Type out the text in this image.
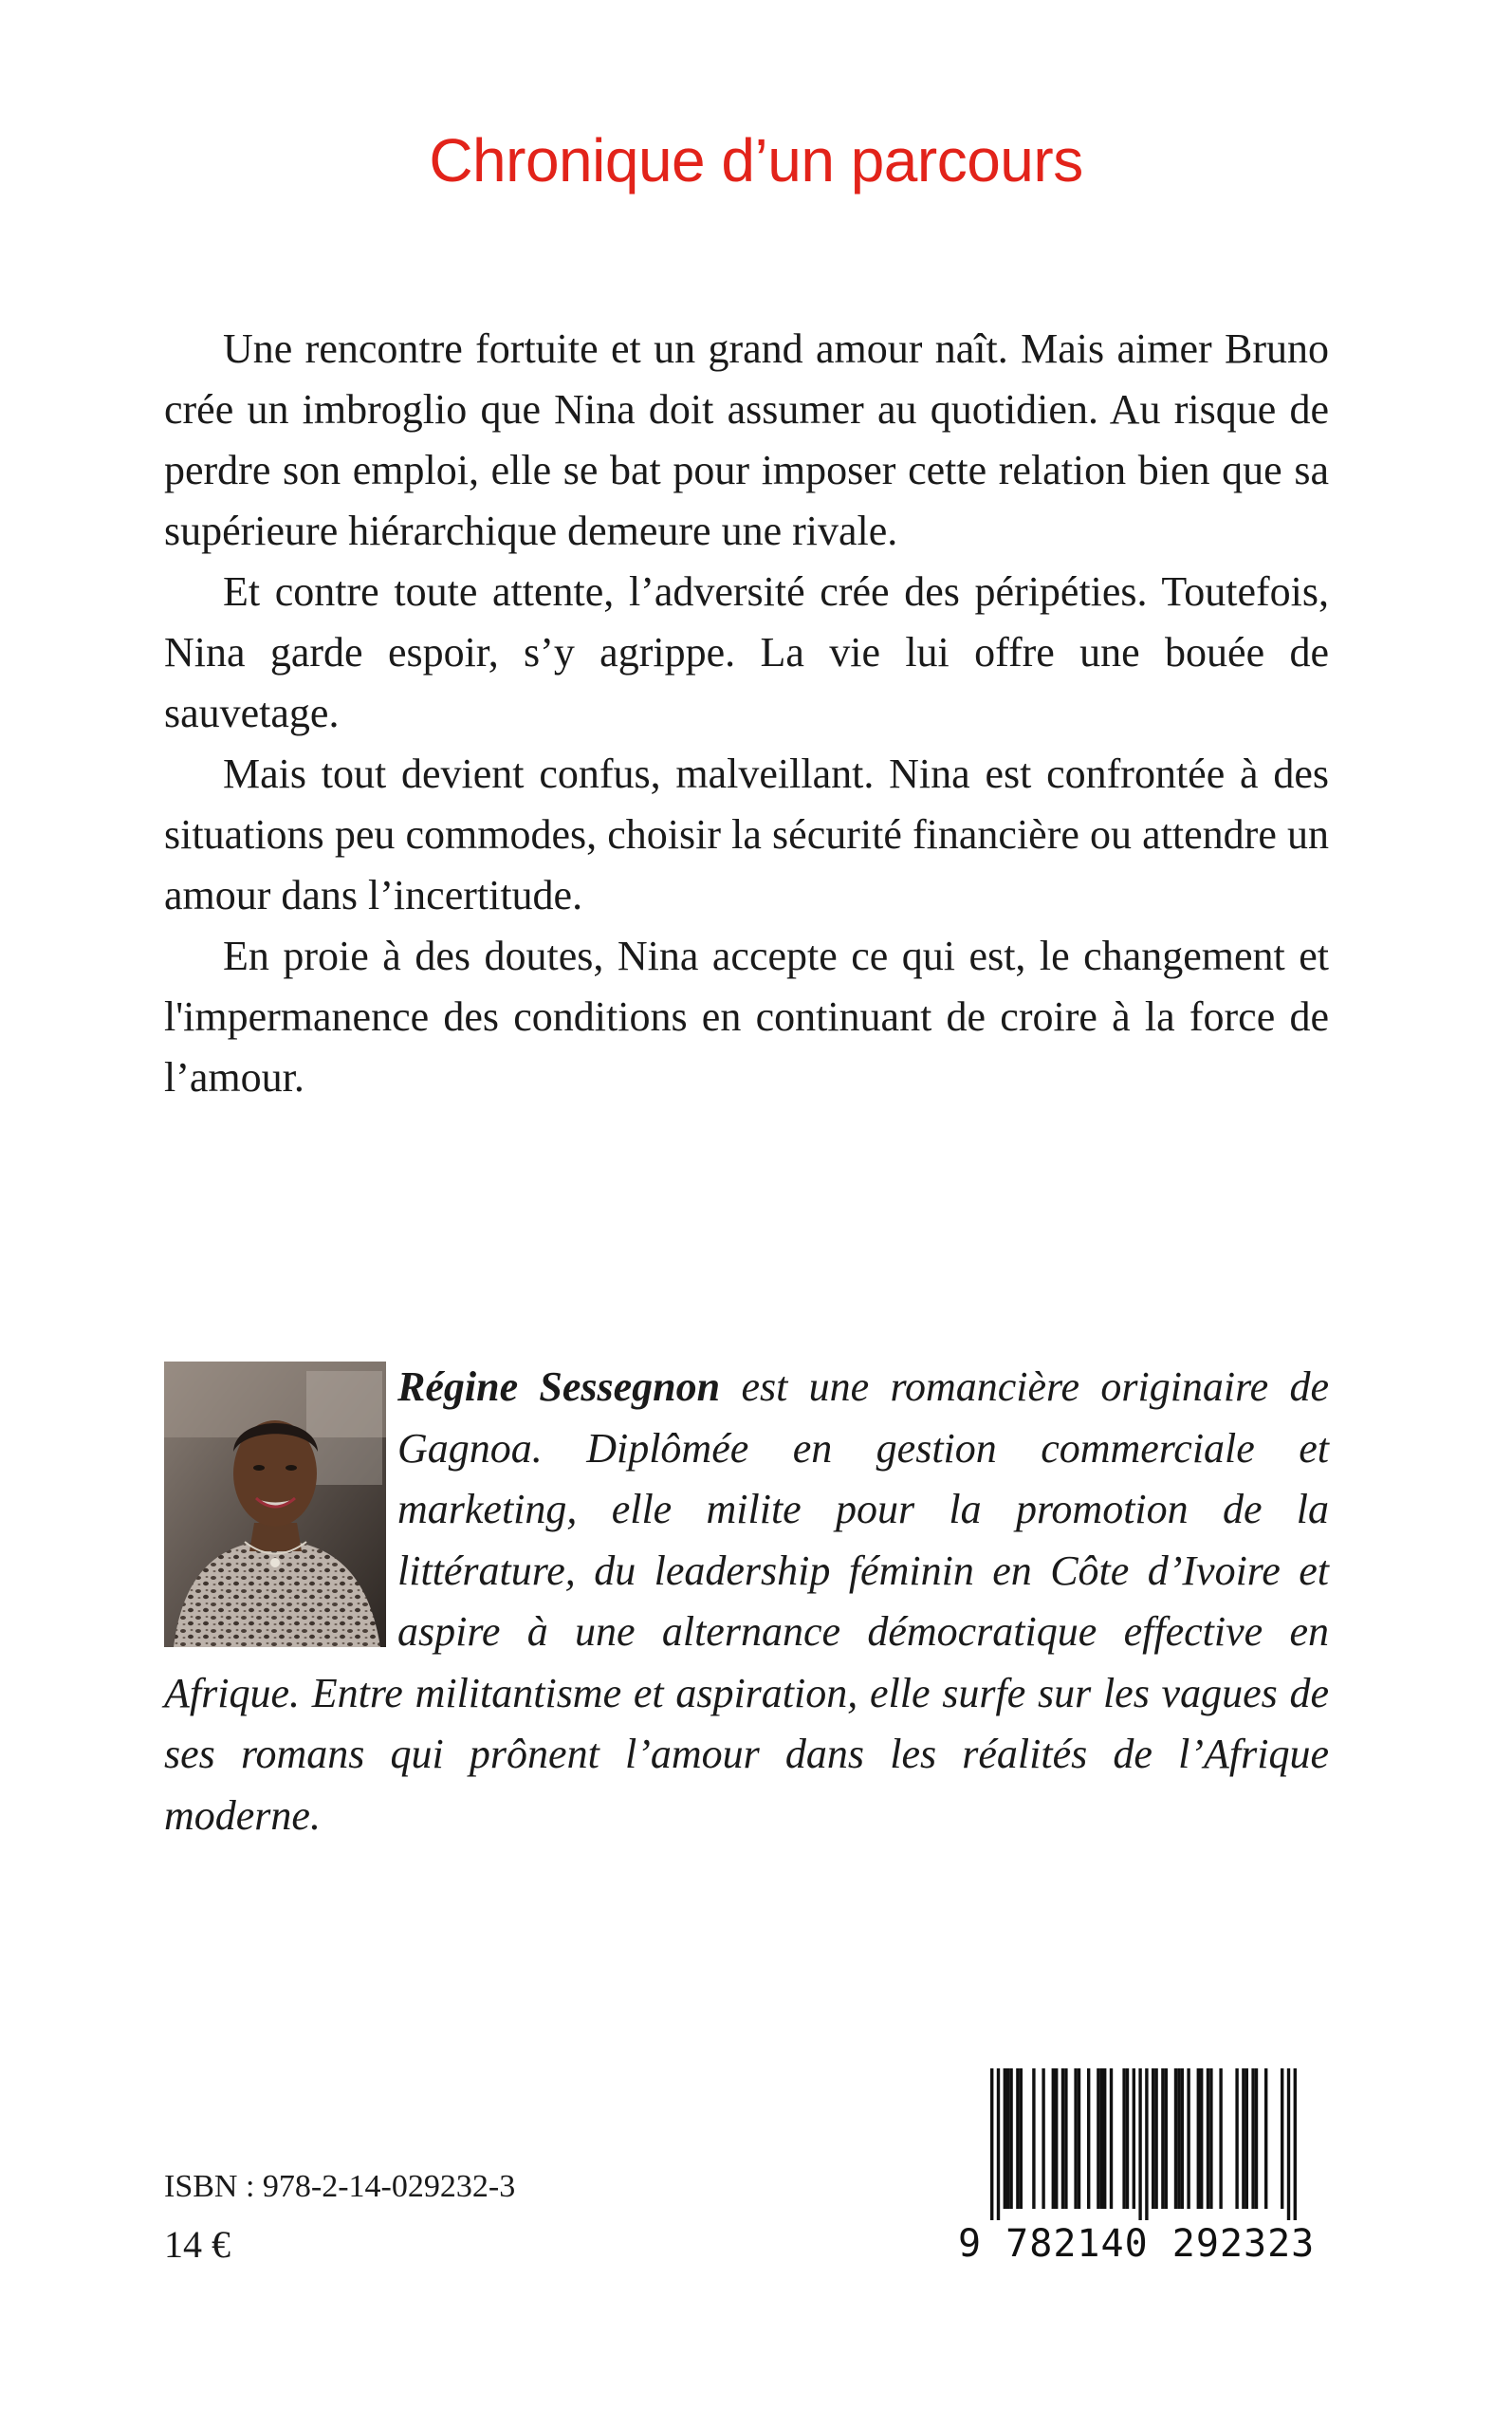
Chronique d’un parcours

Une rencontre fortuite et un grand amour naît. Mais aimer Bruno crée un imbroglio que Nina doit assumer au quotidien. Au risque de perdre son emploi, elle se bat pour imposer cette relation bien que sa supérieure hiérarchique demeure une rivale.

Et contre toute attente, l’adversité crée des péripéties. Toutefois, Nina garde espoir, s’y agrippe. La vie lui offre une bouée de sauvetage.

Mais tout devient confus, malveillant. Nina est confrontée à des situations peu commodes, choisir la sécurité financière ou attendre un amour dans l’incertitude.

En proie à des doutes, Nina accepte ce qui est, le changement et l'impermanence des conditions en continuant de croire à la force de l’amour.

Régine Sessegnon est une romancière originaire de Gagnoa. Diplômée en gestion commerciale et marketing, elle milite pour la promotion de la littérature, du leadership féminin en Côte d’Ivoire et aspire à une alternance démocratique effective en Afrique. Entre militantisme et aspiration, elle surfe sur les vagues de ses romans qui prônent l’amour dans les réalités de l’Afrique moderne.
ISBN : 978-2-14-029232-3
14 €	9 782140 292323
